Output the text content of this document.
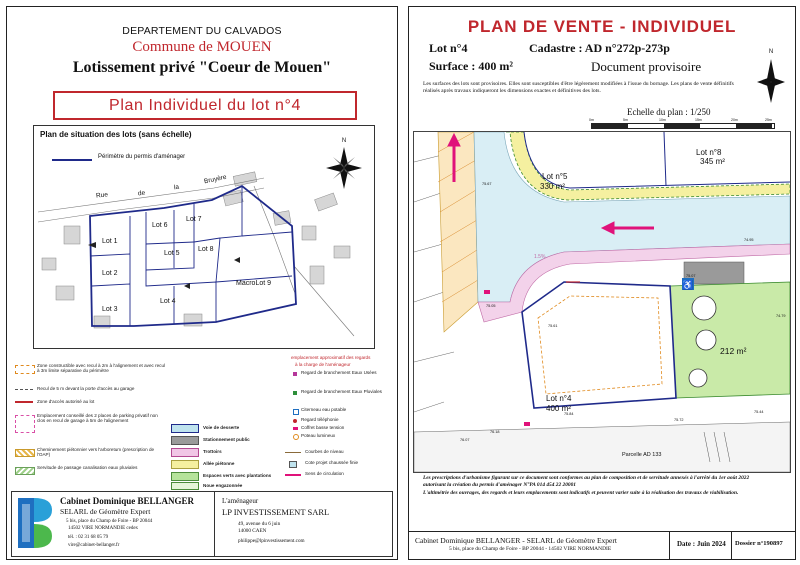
DEPARTEMENT DU CALVADOS
Commune de MOUEN
Lotissement privé "Coeur de Mouen"
Plan Individuel du lot n°4
Plan de situation des lots (sans échelle)
Périmètre du permis d'aménager
N
Rue	de
la
Bruyère
Lot 1
Lot 2
Lot 3
Lot 4
Lot 5
Lot 6
Lot 7
Lot 8
MacroLot 9
Zone constructible avec recul à 2m à l'alignement et avec recul à 3m limite séparative du périmètre
Recul de 5 m devant la porte d'accès au garage
Zone d'accès autorisé au lot
Emplacement conseillé des 2 places de parking privatif non clos en recul de garage à 5m de l'alignement
Cheminement piétonnier vers l'arboretum (prescription de l'OAP)
Servitude de passage canalisation eaux pluviales
Voie de desserte
Stationnement public
Trottoirs
Allée piétonne
Espaces verts avec plantations
Noue engazonnée
emplacement approximatif des regards
à la charge de l'aménageur
Regard de branchement Eaux Usées
Regard de branchement Eaux Pluviales
Citerneau eau potable
Regard téléphonie
Coffret basse tension
Poteau lumineux
Courbes de niveau
Cote projet chaussée finie
Sens de circulation
Cabinet Dominique BELLANGER
SELARL de Géomètre Expert
5 bis, place du Champ de Foire - BP 20044
14502 VIRE NORMANDIE cedex
tél. : 02 31 68 05 79
vire@cabinet-bellanger.fr
L'aménageur
LP INVESTISSEMENT SARL
49, avenue du 6 juin
14000 CAEN
philippe@lpinvestissement.com
PLAN DE VENTE - INDIVIDUEL
Lot n°4	Cadastre : AD n°272p-273p
Surface : 400 m²	Document provisoire
Les surfaces des lots sont provisoires. Elles sont susceptibles d'être légèrement modifiées à l'issue du bornage. Les plans de vente définitifs réalisés après travaux indiqueront les dimensions exactes et définitives des lots.
N
Echelle du plan : 1/250
0m	5m	10m	15m	20m	25m
♿
Lot n°5
330 m²
Lot n°8
345 m²
Lot n°4
400 m²
212 m²
Parcelle AD 133
1.5%
75.05
75.07
74.79
75.61
75.84
75.72
75.44
76.07
76.18
75.67
74.95
Les prescriptions d'urbanisme figurant sur ce document sont conformes au plan de composition et de servitude annexés à l'arrêté du 1er août 2022 autorisant la création du permis d'aménager N°PA 014 454 22 20001
L'altimétrie des ouvrages, des regards et leurs emplacements sont indicatifs et peuvent varier suite à la réalisation des travaux de viabilisation.
Cabinet Dominique BELLANGER - SELARL de Géomètre Expert
5 bis, place du Champ de Foire - BP 20044 - 14502 VIRE NORMANDIE
Date : Juin 2024 Dossier n°190897
